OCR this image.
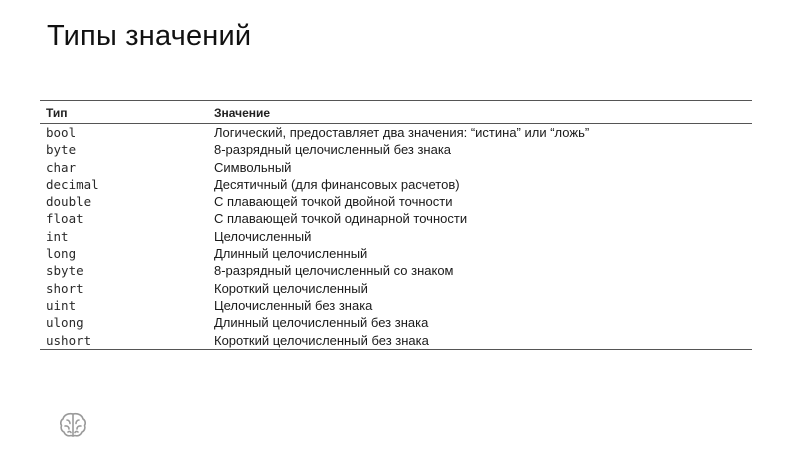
Типы значений
Тип	Значение
bool	Логический, предоставляет два значения: “истина” или “ложь”
byte	8-разрядный целочисленный без знака
char	Символьный
decimal	Десятичный (для финансовых расчетов)
double	С плавающей точкой двойной точности
float	С плавающей точкой одинарной точности
int	Целочисленный
long	Длинный целочисленный
sbyte	8-разрядный целочисленный со знаком
short	Короткий целочисленный
uint	Целочисленный без знака
ulong	Длинный целочисленный без знака
ushort	Короткий целочисленный без знака
